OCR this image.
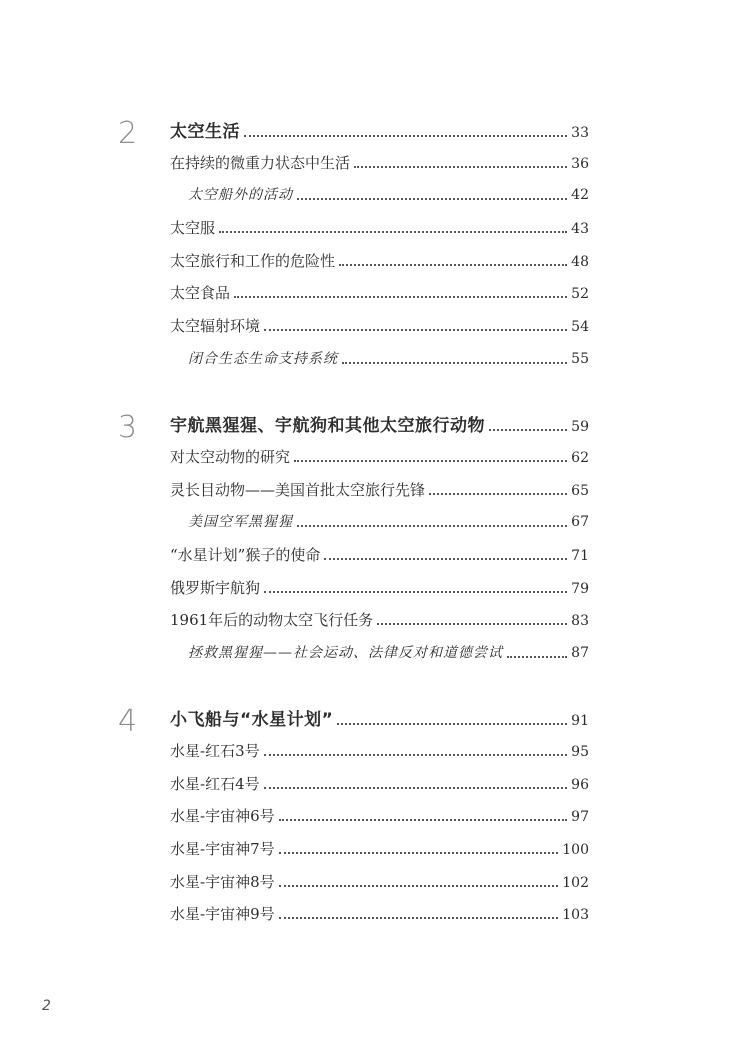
2 太空生活	33
在持续的微重力状态中生活	36
太空船外的活动	42
太空服	43
太空旅行和工作的危险性	48
太空食品	52
太空辐射环境	54
闭合生态生命支持系统	55
3 宇航黑猩猩、宇航狗和其他太空旅行动物	59
对太空动物的研究	62
灵长目动物——美国首批太空旅行先锋	65
美国空军黑猩猩	67
“水星计划”猴子的使命	71
俄罗斯宇航狗	79
1961年后的动物太空飞行任务	83
拯救黑猩猩——社会运动、法律反对和道德尝试	87
4 小飞船与“水星计划”	91
水星-红石3号	95
水星-红石4号	96
水星-宇宙神6号	97
水星-宇宙神7号	100
水星-宇宙神8号	102
水星-宇宙神9号	103
2
